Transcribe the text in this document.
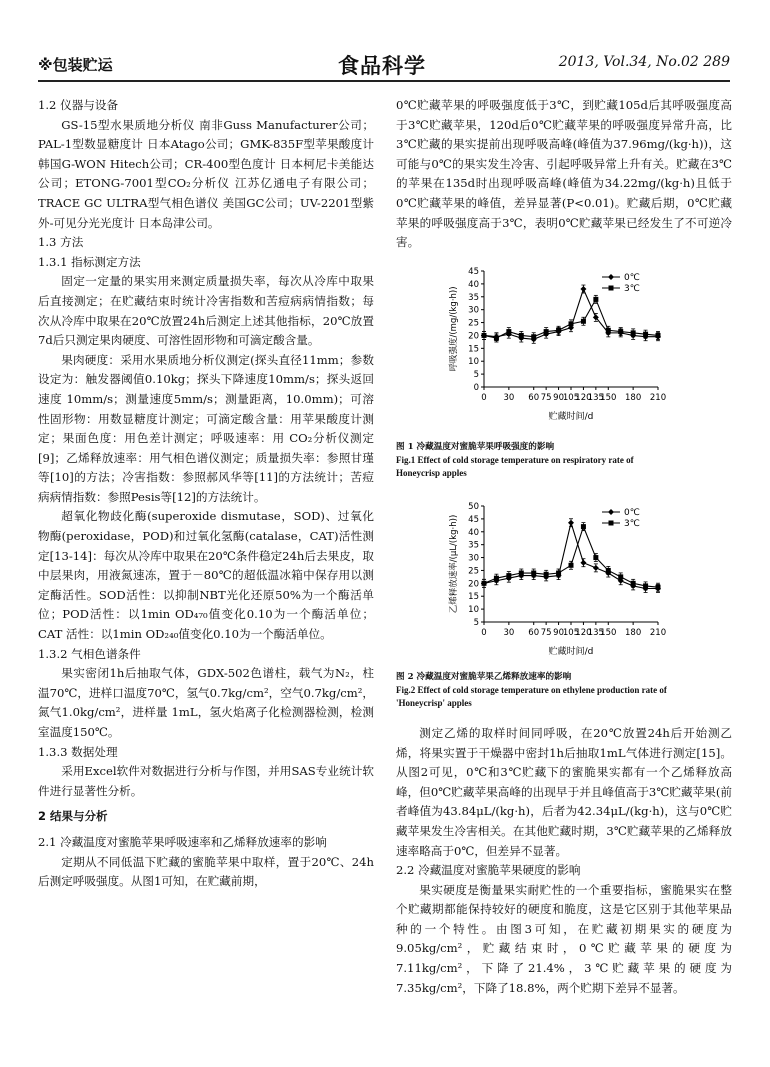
※包装贮运	食品科学	2013, Vol.34, No.02 289

1.2 仪器与设备

GS-15型水果质地分析仪 南非Guss Manufacturer公司；PAL-1型数显糖度计 日本Atago公司；GMK-835F型苹果酸度计 韩国G-WON Hitech公司；CR-400型色度计 日本柯尼卡美能达公司；ETONG-7001型CO₂分析仪 江苏亿通电子有限公司；TRACE GC ULTRA型气相色谱仪 美国GC公司；UV-2201型紫外-可见分光光度计 日本岛津公司。

1.3 方法

1.3.1 指标测定方法

固定一定量的果实用来测定质量损失率，每次从冷库中取果后直接测定；在贮藏结束时统计冷害指数和苦痘病病情指数；每次从冷库中取果在20℃放置24h后测定上述其他指标，20℃放置7d后只测定果肉硬度、可溶性固形物和可滴定酸含量。

果肉硬度：采用水果质地分析仪测定(探头直径11mm；参数设定为：触发器阈值0.10kg；探头下降速度10mm/s；探头返回速度 10mm/s；测量速度5mm/s；测量距离，10.0mm)；可溶性固形物：用数显糖度计测定；可滴定酸含量：用苹果酸度计测定；果面色度：用色差计测定；呼吸速率：用 CO₂分析仪测定[9]；乙烯释放速率：用气相色谱仪测定；质量损失率：参照甘瑾等[10]的方法；冷害指数：参照郝风华等[11]的方法统计；苦痘病病情指数：参照Pesis等[12]的方法统计。

超氧化物歧化酶(superoxide dismutase，SOD)、过氧化物酶(peroxidase，POD)和过氧化氢酶(catalase，CAT)活性测定[13-14]：每次从冷库中取果在20℃条件稳定24h后去果皮，取中层果肉，用液氮速冻，置于－80℃的超低温冰箱中保存用以测定酶活性。SOD活性：以抑制NBT光化还原50%为一个酶活单位；POD活性：以1min OD₄₇₀值变化0.10为一个酶活单位；CAT 活性：以1min OD₂₄₀值变化0.10为一个酶活单位。

1.3.2 气相色谱条件

果实密闭1h后抽取气体，GDX-502色谱柱，载气为N₂，柱温70℃，进样口温度70℃，氢气0.7kg/cm²，空气0.7kg/cm²，氮气1.0kg/cm²，进样量 1mL，氢火焰离子化检测器检测，检测室温度150℃。

1.3.3 数据处理

采用Excel软件对数据进行分析与作图，并用SAS专业统计软件进行显著性分析。

2 结果与分析

2.1 冷藏温度对蜜脆苹果呼吸速率和乙烯释放速率的影响

定期从不同低温下贮藏的蜜脆苹果中取样，置于20℃、24h后测定呼吸强度。从图1可知，在贮藏前期，

0℃贮藏苹果的呼吸强度低于3℃，到贮藏105d后其呼吸强度高于3℃贮藏苹果，120d后0℃贮藏苹果的呼吸强度异常升高，比3℃贮藏的果实提前出现呼吸高峰(峰值为37.96mg/(kg·h))，这可能与0℃的果实发生冷害、引起呼吸异常上升有关。贮藏在3℃的苹果在135d时出现呼吸高峰(峰值为34.22mg/(kg·h)且低于0℃贮藏苹果的峰值，差异显著(P<0.01)。贮藏后期，0℃贮藏苹果的呼吸强度高于3℃，表明0℃贮藏苹果已经发生了不可逆冷害。

0
5
10
15
20
25
30
35
40
45
0 30 60 75 90
105
120
135
150 180 210
贮藏时间/d
呼吸强度/(mg/(kg·h))
0℃
3℃

图 1 冷藏温度对蜜脆苹果呼吸强度的影响

Fig.1 Effect of cold storage temperature on respiratory rate of

Honeycrisp apples

5
10
15
20
25
30
35
40
45
50
0 30 60 75 90
105
120
135
150 180 210
贮藏时间/d
乙烯释放速率/(μL/(kg·h))
0℃
3℃

图 2 冷藏温度对蜜脆苹果乙烯释放速率的影响

Fig.2 Effect of cold storage temperature on ethylene production rate of

'Honeycrisp' apples

测定乙烯的取样时间同呼吸，在20℃放置24h后开始测乙烯，将果实置于干燥器中密封1h后抽取1mL气体进行测定[15]。从图2可见，0℃和3℃贮藏下的蜜脆果实都有一个乙烯释放高峰，但0℃贮藏苹果高峰的出现早于并且峰值高于3℃贮藏苹果(前者峰值为43.84μL/(kg·h)，后者为42.34μL/(kg·h)，这与0℃贮藏苹果发生冷害相关。在其他贮藏时期，3℃贮藏苹果的乙烯释放速率略高于0℃，但差异不显著。

2.2 冷藏温度对蜜脆苹果硬度的影响

果实硬度是衡量果实耐贮性的一个重要指标，蜜脆果实在整个贮藏期都能保持较好的硬度和脆度，这是它区别于其他苹果品种的一个特性。由图3可知，在贮藏初期果实的硬度为9.05kg/cm²，贮藏结束时，0℃贮藏苹果的硬度为7.11kg/cm²，下降了21.4%，3℃贮藏苹果的硬度为7.35kg/cm²，下降了18.8%，两个贮期下差异不显著。
